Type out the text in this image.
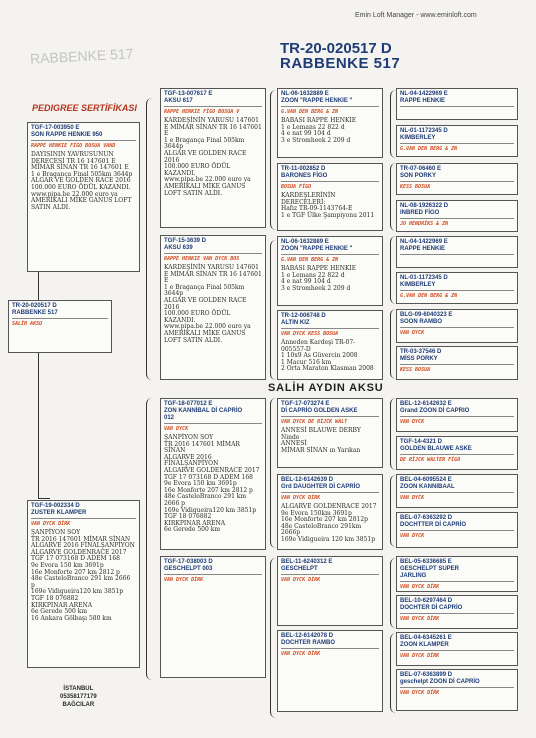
Emin Loft Manager - www.eminloft.com
RABBENKE 517	TR-20-020517 D
RABBENKE 517
PEDIGREE SERTİFİKASI
SALİH AYDIN AKSU
TR-20-020517 D
RABBENKE 517
SALİH AKSU
TGF-17-003950 E
SON RAPPE HENKIE 950
RAPPE HENKIE FİGO BOSUA VAND
DAYISININ YAVRUSUNUN
DERECESİ TR 16 147601 E
MİMAR SİNAN TR 16 147601 E
1 e Bragança Final 505km 3644p
ALGAR VE GOLDEN RACE 2016
100.000 EURO ÖDÜL KAZANDI.
www.pipa.be 22.000 euro ya
AMERİKALI MİKE GANUS LOFT
SATIN ALDI.
TGF-19-002334 D
ZUSTER KLAMPER
VAN DYCK DİRK
ŞANPİYON SOY
TR 2016 147601 MİMAR SİNAN
ALGARVE 2016 FİNALŞANPİYON
ALGARVE GOLDENRACE 2017
TGF 17 073168 D ADEM 168
9e Evora 150 km 3691p
16e Monforte 207 km 2812 p
48e CasteloBranco 291 km 2666 p
169e Vidigueira120 km 3851p
TGF 18 076882
KIRKPINAR ARENA
6e Gerede 500 km
16 Ankara Gölbaşı 580 km
TGF-13-007617 E
AKSU 617
RAPPE HENKIE FİGO BOSUA V
KARDEŞİNİN YARUSU 147601
E MİMAR SİNAN TR 16 147601
E
1 e Bragança Final 505km 3644p
ALGAR VE GOLDEN RACE
2016
100.000 EURO ÖDÜL KAZANDI.
www.pipa.be 22.000 euro ya
AMERİKALI MİKE GANUS
LOFT SATIN ALDI.
TGF-15-3639 D
AKSU 639
RAPPE HENKIE VAN DYCK BOS
KARDEŞİNİN YARUSU 147601
E MİMAR SİNAN TR 16 147601
E
1 e Bragança Final 505km 3644p
ALGAR VE GOLDEN RACE
2016
100.000 EURO ÖDÜL
KAZANDI.
www.pipa.be 22.000 euro ya
AMERİKALI MİKE GANUS
LOFT SATIN ALDI.
TGF-18-077012 E
ZON KANNİBAL Dİ CAPRİO
012
VAN DYCK
ŞANPİYON SOY
TR 2016 147601 MİMAR
SİNAN
ALGARVE 2016
FİNALŞANPİYON
ALGARVE GOLDENRACE 2017
TGF 17 073168 D ADEM 168
9e Evora 150 km 3691p
16e Monforte 207 km 2812 p
48e CasteloBranco 291 km 2666 p
169e Vidigueira120 km 3851p
TGF 18 076882
KIRKPINAR ARENA
6e Gerede 500 km
TGF-17-038003 D
GESCHELPT 003
VAN DYCK DİRK
NL-06-1632889 E
ZOON "RAPPE HENKIE "
G.VAN DEN BERG & ZN
BABASI RAPPE HENKIE
1 e Lemans 22 822 d
4 e nat 99 104 d
3 e Stromheek 2 209 d
TR-11-002852 D
BARONES FİGO
BOSUA FİGO
KARDEŞLERİNİN
DERECELERİ:
Hafız TR-09-1143764-E
1 e TGF Ülke Şampiyonu 2011
NL-06-1632889 E
ZOON "RAPPE HENKIE "
G.VAN DEN BERG & ZN
BABASI RAPPE HENKIE
1 e Lemans 22 822 d
4 e nat 99 104 d
3 e Stromheek 2 209 d
TR-12-006748 D
ALTIN KIZ
VAN DYCK KESS BOSUA
Anneden Kardeşi TR-07-005557-D
1 10x9 As Güvercin 2008
1 Macur 516 km
2 Orta Maraton Klasman 2008
TGF-17-073274 E
Dİ CAPRİO GOLDEN ASKE
VAN DYCK DE RİJCK WALT
ANNESİ BLAUWE DERBY
Ninde
ANNESİ
MİMAR SİNAN ın Yarıkan
BEL-12-6142639 D
Grd DAUGHTER Dİ CAPRİO
VAN DYCK DİRK
ALGARVE GOLDENRACE 2017
9e Evora 150km 3691p
16e Monforte 207 km 2812p
48e CasteloBranco 291km 2666p
169e Vidigueira 120 km 3851p
BEL-11-6240312 E
GESCHELPT
VAN DYCK DİRK
BEL-12-6142078 D
DOCHTER RAMBO
VAN DYCK DİRK
NL-04-1422969 E
RAPPE HENKIE
NL-01-1172345 D
KIMBERLEY
G.VAN DEN BERG & ZN
TR-07-06460 E
SON PORKY
KESS BOSUA
NL-08-1926322 D
INBRED FİGO
JO HENDRİKS & ZN
NL-04-1422969 E
RAPPE HENKIE
NL-01-1172345 D
KIMBERLEY
G.VAN DEN BERG & ZN
BLG-09-6040323 E
SOON RAMBO
VAN DYCK
TR-03-37546 D
MİSS PORKY
KESS BOSUA
BEL-12-6142632 E
Grand ZOON Dİ CAPRIO
VAN DYCK
TGF-14-4321 D
GOLDEN BLAUWE ASKE
DE RİJCK WALTER FİGO
BEL-04-6095524 E
ZOON KANNIBAAL
VAN DYCK
BEL-07-6363292 D
DOCHTTER Dİ CAPRİO
VAN DYCK
BEL-05-6336685 E
GESCHELPT SUPER
JARLING
VAN DYCK DİRK
BEL-10-6297464 D
DOCHTER Dİ CAPRİO
VAN DYCK DİRK
BEL-04-6345261 E
ZOON KLAMPER
VAN DYCK DİRK
BEL-07-6363899 D
geschelpt ZOON Dİ CAPRİO
VAN DYCK DİRK
İSTANBUL
05358177179
BAĞCILAR
